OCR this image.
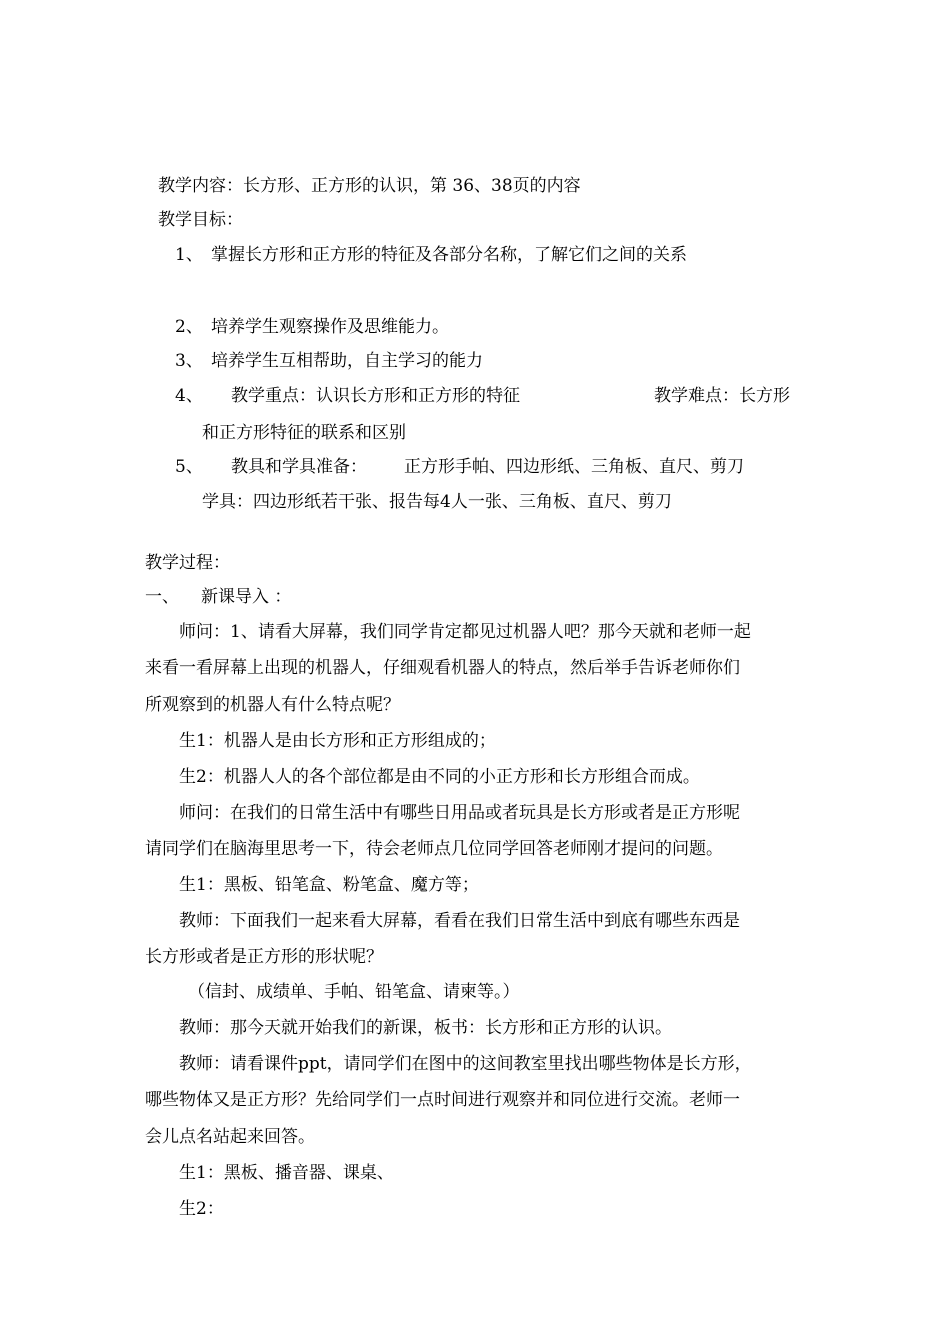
教学内容：长方形、正方形的认识，第 36、38页的内容
教学目标：
1、 掌握长方形和正方形的特征及各部分名称，了解它们之间的关系
2、 培养学生观察操作及思维能力。
3、 培养学生互相帮助，自主学习的能力
4、 教学重点：认识长方形和正方形的特征	教学难点：长方形
和正方形特征的联系和区别
5、 教具和学具准备： 正方形手帕、四边形纸、三角板、直尺、剪刀
学具：四边形纸若干张、报告每4人一张、三角板、直尺、剪刀
教学过程：
一、 新课导入 ：
师问：1、请看大屏幕，我们同学肯定都见过机器人吧？那今天就和老师一起
来看一看屏幕上出现的机器人，仔细观看机器人的特点，然后举手告诉老师你们
所观察到的机器人有什么特点呢？
生1：机器人是由长方形和正方形组成的；
生2：机器人人的各个部位都是由不同的小正方形和长方形组合而成。
师问：在我们的日常生活中有哪些日用品或者玩具是长方形或者是正方形呢
请同学们在脑海里思考一下，待会老师点几位同学回答老师刚才提问的问题。
生1：黑板、铅笔盒、粉笔盒、魔方等；
教师：下面我们一起来看大屏幕，看看在我们日常生活中到底有哪些东西是
长方形或者是正方形的形状呢？
（信封、成绩单、手帕、铅笔盒、请柬等。）
教师：那今天就开始我们的新课，板书：长方形和正方形的认识。
教师：请看课件ppt，请同学们在图中的这间教室里找出哪些物体是长方形，
哪些物体又是正方形？先给同学们一点时间进行观察并和同位进行交流。老师一
会儿点名站起来回答。
生1：黑板、播音器、课桌、
生2：
